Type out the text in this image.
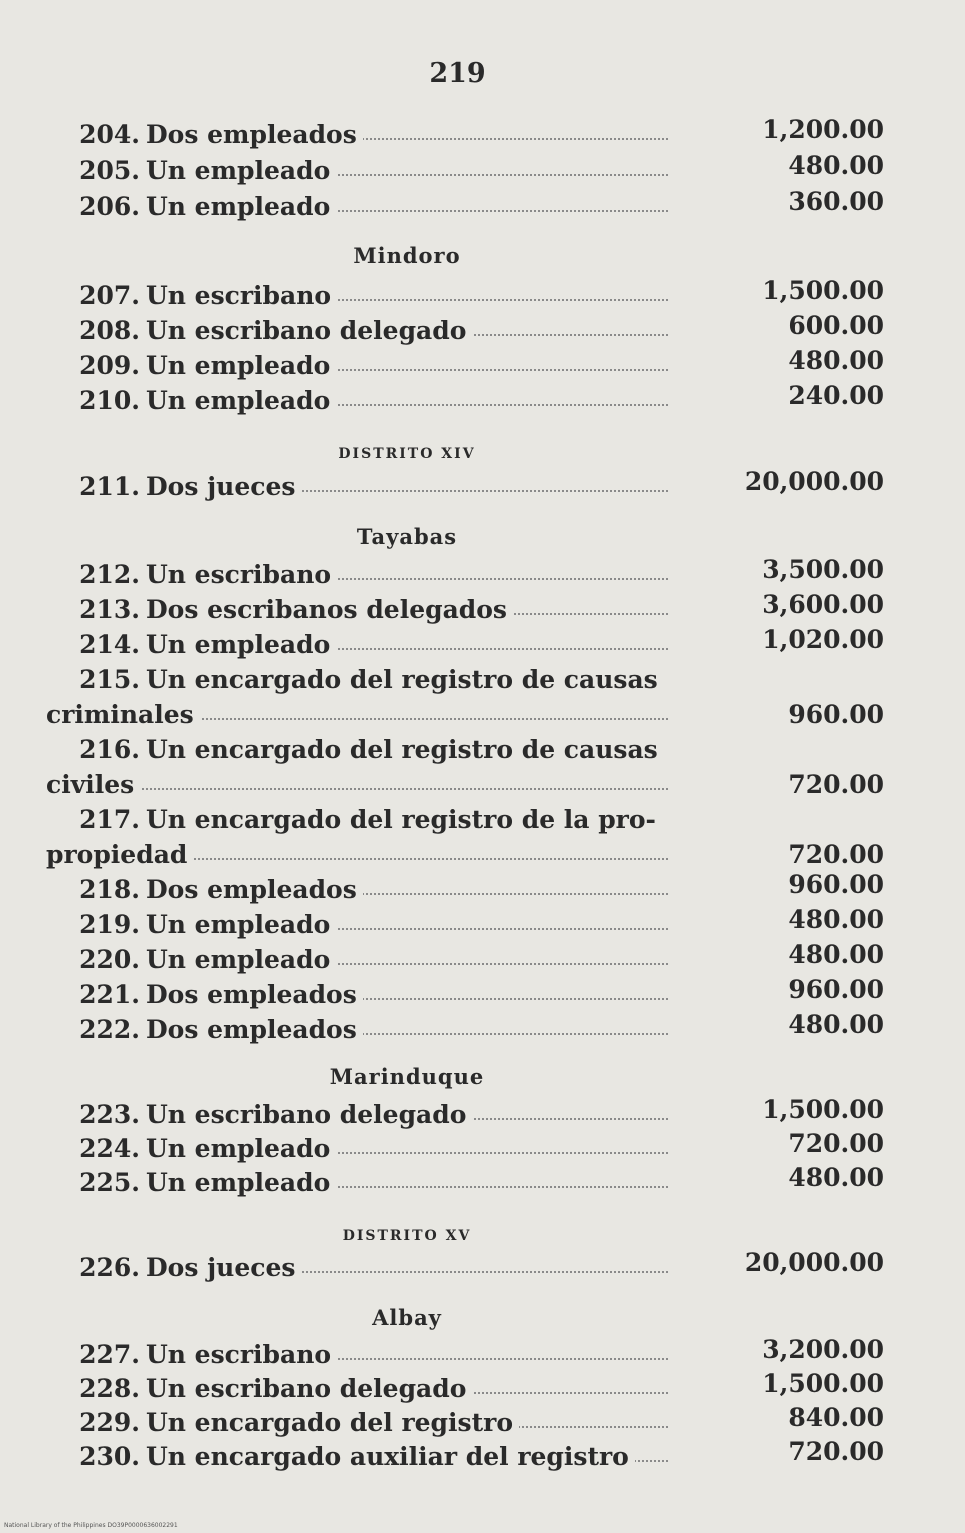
219
204. Dos empleados	1,200.00
205. Un empleado	480.00
206. Un empleado	360.00
Mindoro
207. Un escribano	1,500.00
208. Un escribano delegado	600.00
209. Un empleado	480.00
210. Un empleado	240.00
DISTRITO XIV
211. Dos jueces	20,000.00
Tayabas
212. Un escribano	3,500.00
213. Dos escribanos delegados	3,600.00
214. Un empleado	1,020.00
215. Un encargado del registro de causas
criminales	960.00
216. Un encargado del registro de causas
civiles	720.00
217. Un encargado del registro de la pro-
propiedad	720.00
218. Dos empleados	960.00
219. Un empleado	480.00
220. Un empleado	480.00
221. Dos empleados	960.00
222. Dos empleados	480.00
Marinduque
223. Un escribano delegado	1,500.00
224. Un empleado	720.00
225. Un empleado	480.00
DISTRITO XV
226. Dos jueces	20,000.00
Albay
227. Un escribano	3,200.00
228. Un escribano delegado	1,500.00
229. Un encargado del registro	840.00
230. Un encargado auxiliar del registro	720.00
National Library of the Philippines DO39P0000636002291
